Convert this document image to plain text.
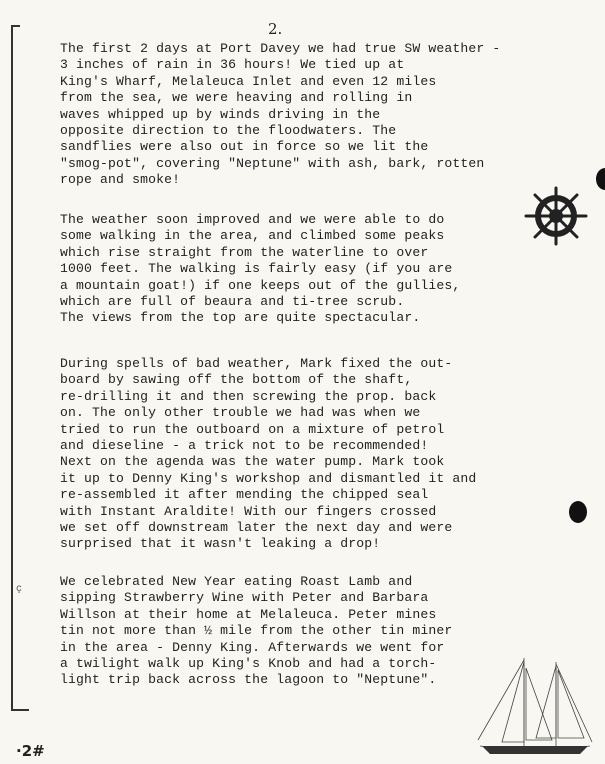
2.

The first 2 days at Port Davey we had true SW weather -
3 inches of rain in 36 hours! We tied up at
King's Wharf, Melaleuca Inlet and even 12 miles
from the sea, we were heaving and rolling in
waves whipped up by winds driving in the
opposite direction to the floodwaters. The
sandflies were also out in force so we lit the
"smog-pot", covering "Neptune" with ash, bark, rotten
rope and smoke!

The weather soon improved and we were able to do
some walking in the area, and climbed some peaks
which rise straight from the waterline to over
1000 feet. The walking is fairly easy (if you are
a mountain goat!) if one keeps out of the gullies,
which are full of beaura and ti-tree scrub.
The views from the top are quite spectacular.

During spells of bad weather, Mark fixed the out-
board by sawing off the bottom of the shaft,
re-drilling it and then screwing the prop. back
on. The only other trouble we had was when we
tried to run the outboard on a mixture of petrol
and dieseline - a trick not to be recommended!
Next on the agenda was the water pump. Mark took
it up to Denny King's workshop and dismantled it and
re-assembled it after mending the chipped seal
with Instant Araldite! With our fingers crossed
we set off downstream later the next day and were
surprised that it wasn't leaking a drop!

We celebrated New Year eating Roast Lamb and
sipping Strawberry Wine with Peter and Barbara
Willson at their home at Melaleuca. Peter mines
tin not more than ½ mile from the other tin miner
in the area - Denny King. Afterwards we went for
a twilight walk up King's Knob and had a torch-
light trip back across the lagoon to "Neptune".

ç
·2#
